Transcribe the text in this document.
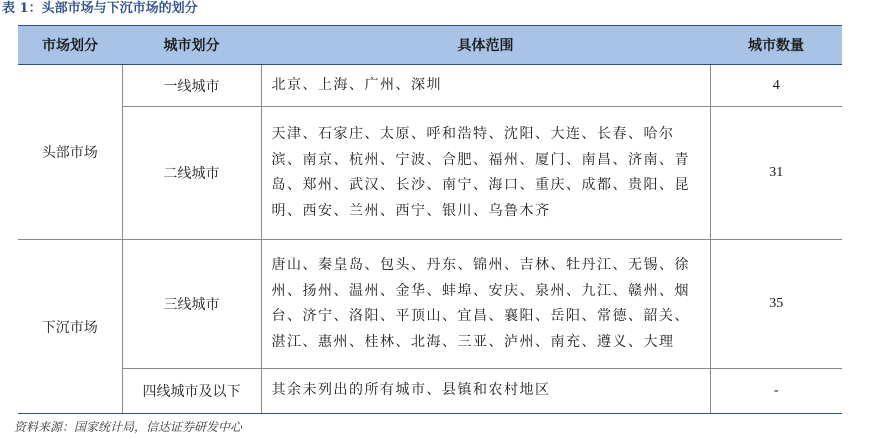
表 1：头部市场与下沉市场的划分
市场划分	城市划分	具体范围	城市数量
头部市场	一线城市	北京、上海、广州、深圳	4
	二线城市	天津、石家庄、太原、呼和浩特、沈阳、大连、长春、哈尔滨、南京、杭州、宁波、合肥、福州、厦门、南昌、济南、青岛、郑州、武汉、长沙、南宁、海口、重庆、成都、贵阳、昆明、西安、兰州、西宁、银川、乌鲁木齐	31
下沉市场	三线城市	唐山、秦皇岛、包头、丹东、锦州、吉林、牡丹江、无锡、徐州、扬州、温州、金华、蚌埠、安庆、泉州、九江、赣州、烟台、济宁、洛阳、平顶山、宜昌、襄阳、岳阳、常德、韶关、湛江、惠州、桂林、北海、三亚、泸州、南充、遵义、大理	35
	四线城市及以下	其余未列出的所有城市、县镇和农村地区	-
资料来源：国家统计局，信达证券研发中心
